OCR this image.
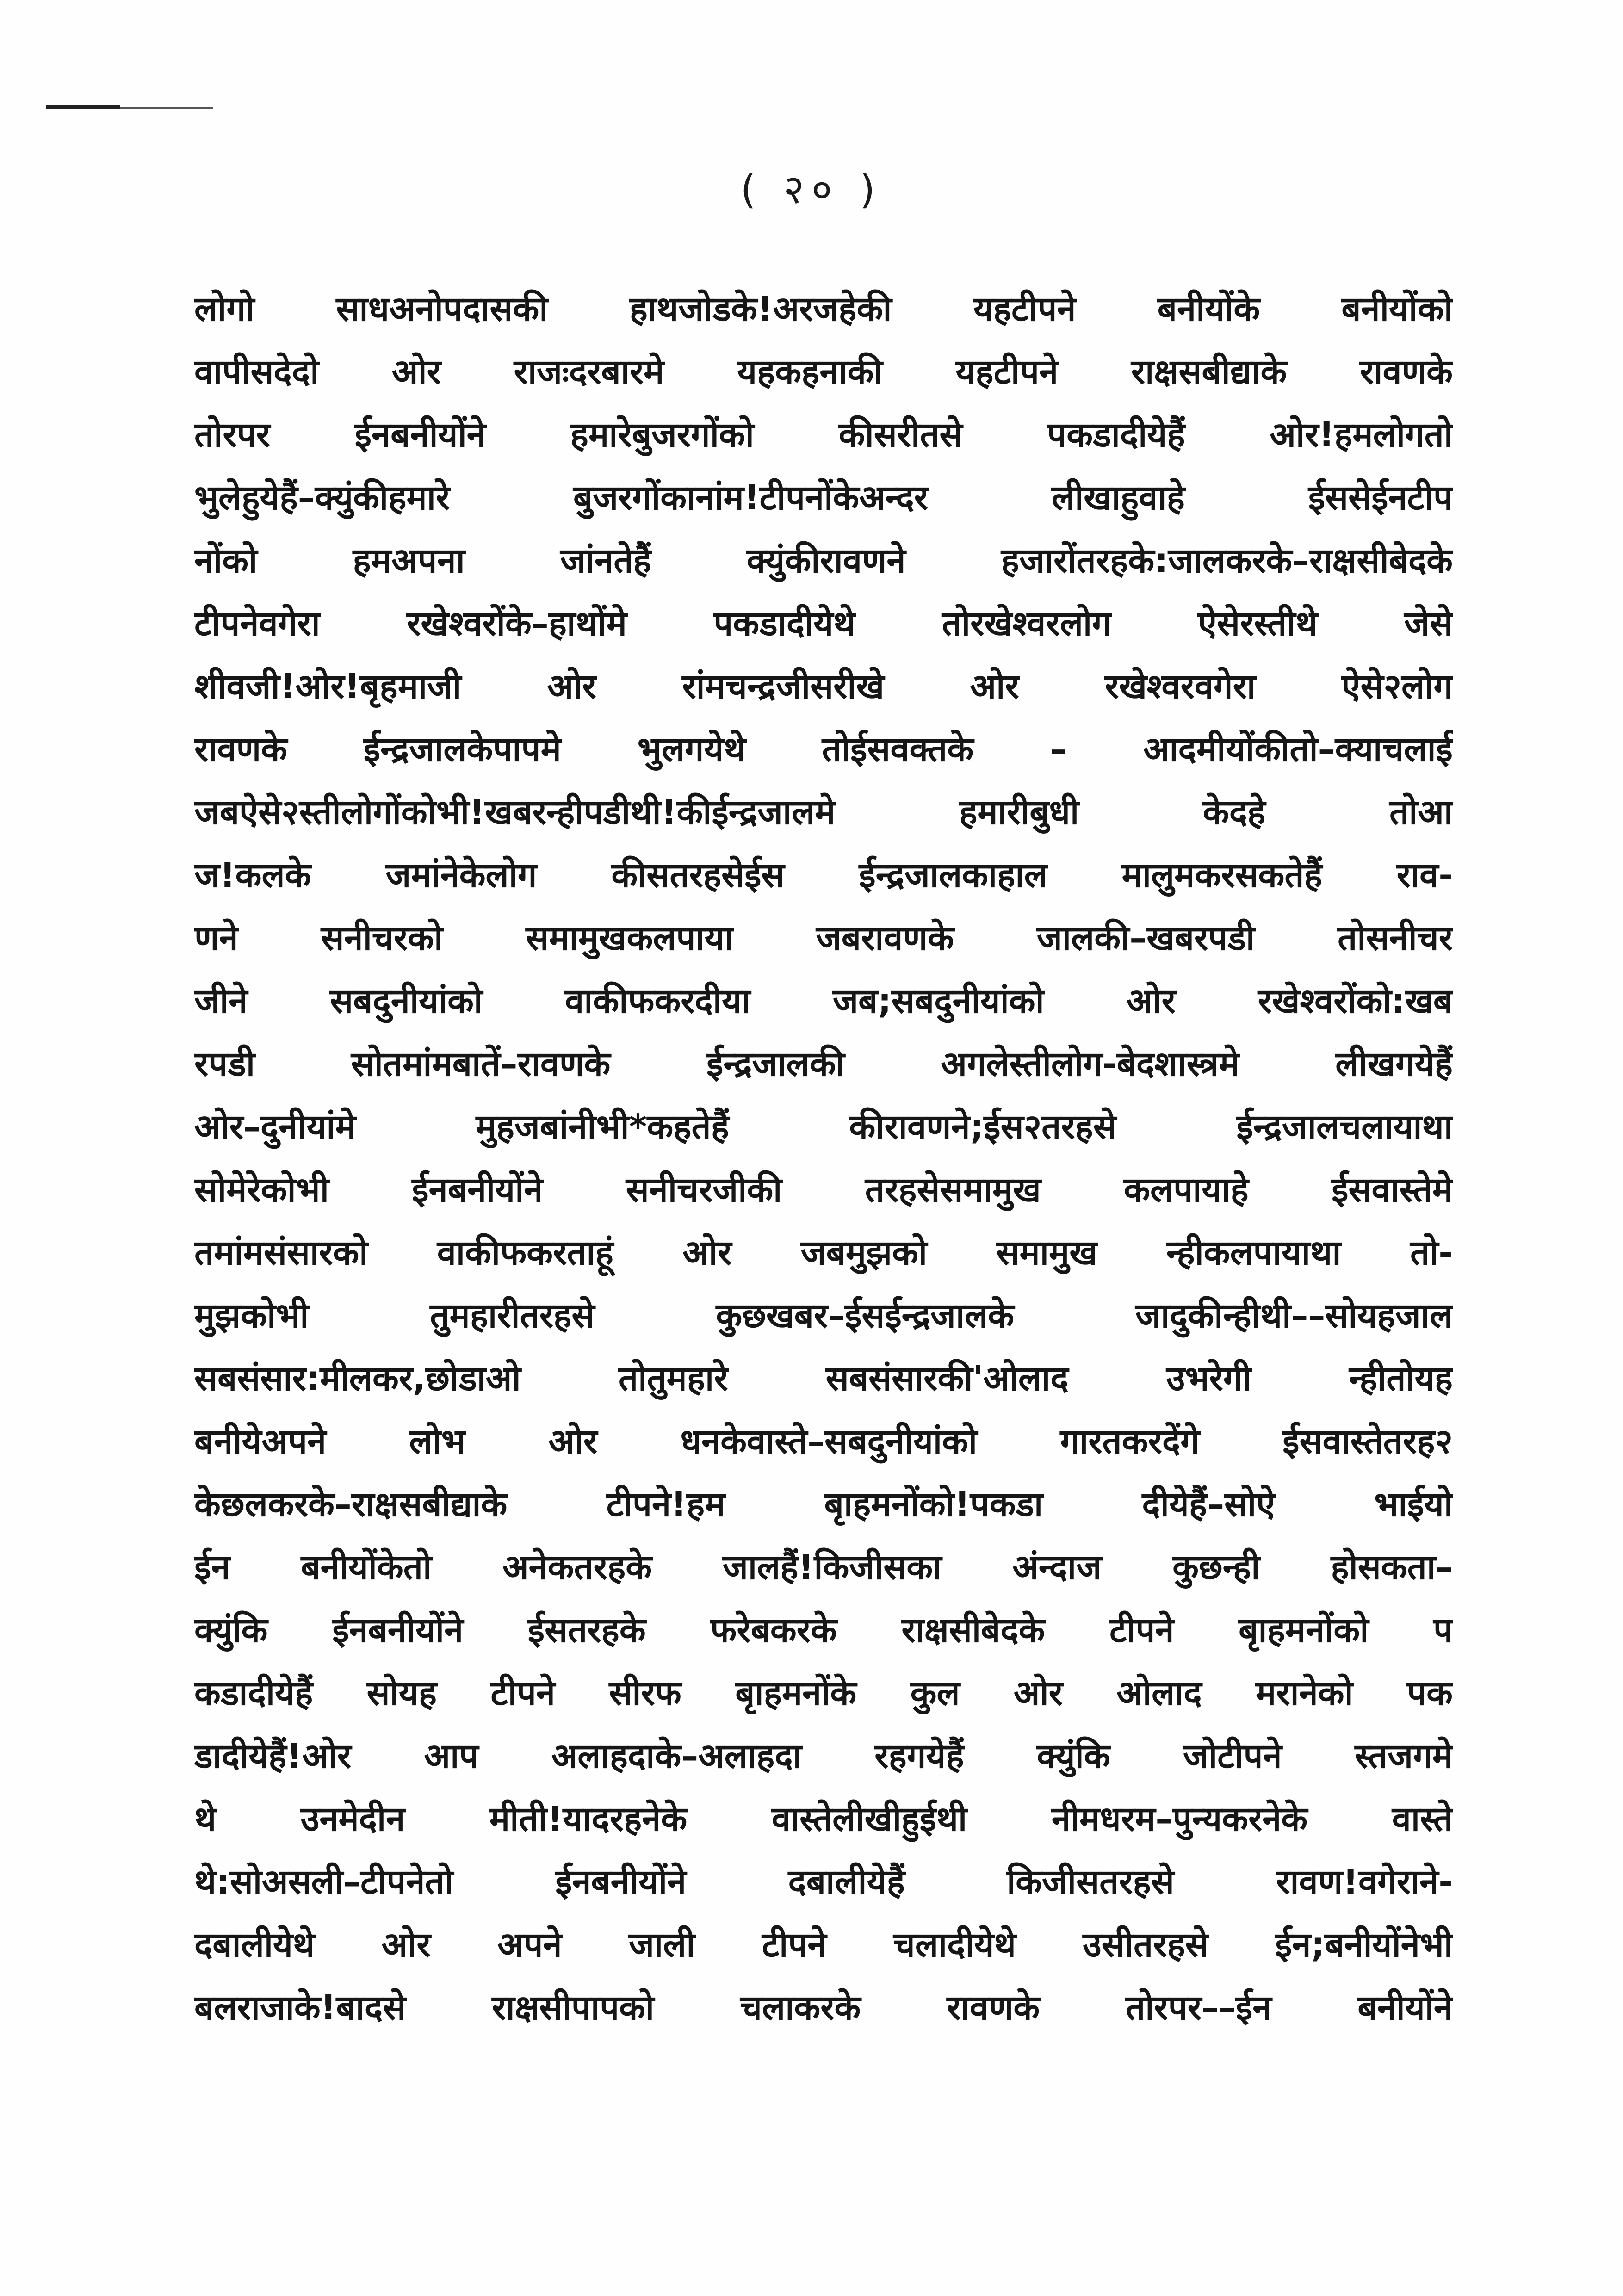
( २० )
लोगो साधअनोपदासकी हाथजोडके!अरजहेकी यहटीपने बनीयोंके बनीयोंको
वापीसदेदो ओर राजःदरबारमे यहकहनाकी यहटीपने राक्षसबीद्याके रावणके
तोरपर ईनबनीयोंने हमारेबुजरगोंको कीसरीतसे पकडादीयेहैं ओर!हमलोगतो
भुलेहुयेहैं–क्युंकीहमारे बुजरगोंकानांम!टीपनोंकेअन्दर लीखाहुवाहे ईससेईनटीप
नोंको हमअपना जांनतेहैं क्युंकीरावणने हजारोंतरहके:जालकरके–राक्षसीबेदके
टीपनेवगेरा रखेश्वरोंके–हाथोंमे पकडादीयेथे तोरखेश्वरलोग ऐसेरस्तीथे जेसे
शीवजी!ओर!बृहमाजी ओर रांमचन्द्रजीसरीखे ओर रखेश्वरवगेरा ऐसे२लोग
रावणके ईन्द्रजालकेपापमे भुलगयेथे तोईसवक्तके – आदमीयोंकीतो–क्याचलाई
जबऐसे२स्तीलोगोंकोभी!खबरन्हीपडीथी!कीईन्द्रजालमे हमारीबुधी केदहे तोआ
ज!कलके जमांनेकेलोग कीसतरहसेईस ईन्द्रजालकाहाल मालुमकरसकतेहैं राव-
णने सनीचरको समामुखकलपाया जबरावणके जालकी–खबरपडी तोसनीचर
जीने सबदुनीयांको वाकीफकरदीया जब;सबदुनीयांको ओर रखेश्वरोंको:खब
रपडी सोतमांमबातें–रावणके ईन्द्रजालकी अगलेस्तीलोग-बेदशास्त्रमे लीखगयेहैं
ओर–दुनीयांमे मुहजबांनीभी*कहतेहैं कीरावणने;ईस२तरहसे ईन्द्रजालचलायाथा
सोमेरेकोभी ईनबनीयोंने सनीचरजीकी तरहसेसमामुख कलपायाहे ईसवास्तेमे
तमांमसंसारको वाकीफकरताहूं ओर जबमुझको समामुख न्हीकलपायाथा तो-
मुझकोभी तुमहारीतरहसे कुछखबर–ईसईन्द्रजालके जादुकीन्हीथी––सोयहजाल
सबसंसार:मीलकर,छोडाओ तोतुमहारे सबसंसारकी'ओलाद उभरेगी न्हीतोयह
बनीयेअपने लोभ ओर धनकेवास्ते–सबदुनीयांको गारतकरदेंगे ईसवास्तेतरह२
केछलकरके–राक्षसबीद्याके टीपने!हम बृाहमनोंको!पकडा दीयेहैं–सोऐ भाईयो
ईन बनीयोंकेतो अनेकतरहके जालहैं!किजीसका अंन्दाज कुछन्ही होसकता–
क्युंकि ईनबनीयोंने ईसतरहके फरेबकरके राक्षसीबेदके टीपने बृाहमनोंको प
कडादीयेहैं सोयह टीपने सीरफ बृाहमनोंके कुल ओर ओलाद मरानेको पक
डादीयेहैं!ओर आप अलाहदाके–अलाहदा रहगयेहैं क्युंकि जोटीपने स्तजगमे
थे उनमेदीन मीती!यादरहनेके वास्तेलीखीहुईथी नीमधरम–पुन्यकरनेके वास्ते
थे:सोअसली–टीपनेतो ईनबनीयोंने दबालीयेहैं किजीसतरहसे रावण!वगेराने-
दबालीयेथे ओर अपने जाली टीपने चलादीयेथे उसीतरहसे ईन;बनीयोंनेभी
बलराजाके!बादसे राक्षसीपापको चलाकरके रावणके तोरपर––ईन बनीयोंने
